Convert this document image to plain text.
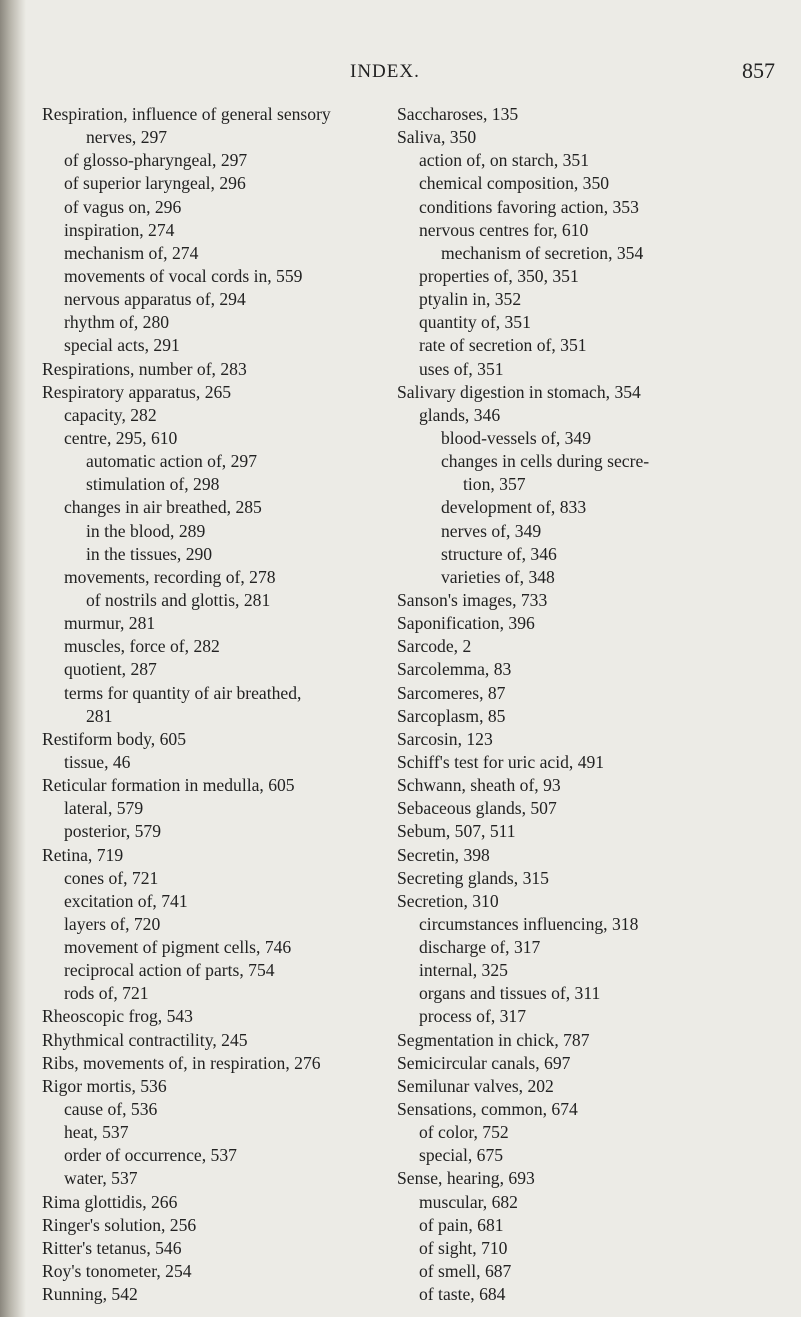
INDEX.	857
Respiration, influence of general sensory
nerves, 297
of glosso-pharyngeal, 297
of superior laryngeal, 296
of vagus on, 296
inspiration, 274
mechanism of, 274
movements of vocal cords in, 559
nervous apparatus of, 294
rhythm of, 280
special acts, 291
Respirations, number of, 283
Respiratory apparatus, 265
capacity, 282
centre, 295, 610
automatic action of, 297
stimulation of, 298
changes in air breathed, 285
in the blood, 289
in the tissues, 290
movements, recording of, 278
of nostrils and glottis, 281
murmur, 281
muscles, force of, 282
quotient, 287
terms for quantity of air breathed,
281
Restiform body, 605
tissue, 46
Reticular formation in medulla, 605
lateral, 579
posterior, 579
Retina, 719
cones of, 721
excitation of, 741
layers of, 720
movement of pigment cells, 746
reciprocal action of parts, 754
rods of, 721
Rheoscopic frog, 543
Rhythmical contractility, 245
Ribs, movements of, in respiration, 276
Rigor mortis, 536
cause of, 536
heat, 537
order of occurrence, 537
water, 537
Rima glottidis, 266
Ringer's solution, 256
Ritter's tetanus, 546
Roy's tonometer, 254
Running, 542
Saccharoses, 135
Saliva, 350
action of, on starch, 351
chemical composition, 350
conditions favoring action, 353
nervous centres for, 610
mechanism of secretion, 354
properties of, 350, 351
ptyalin in, 352
quantity of, 351
rate of secretion of, 351
uses of, 351
Salivary digestion in stomach, 354
glands, 346
blood-vessels of, 349
changes in cells during secre-
tion, 357
development of, 833
nerves of, 349
structure of, 346
varieties of, 348
Sanson's images, 733
Saponification, 396
Sarcode, 2
Sarcolemma, 83
Sarcomeres, 87
Sarcoplasm, 85
Sarcosin, 123
Schiff's test for uric acid, 491
Schwann, sheath of, 93
Sebaceous glands, 507
Sebum, 507, 511
Secretin, 398
Secreting glands, 315
Secretion, 310
circumstances influencing, 318
discharge of, 317
internal, 325
organs and tissues of, 311
process of, 317
Segmentation in chick, 787
Semicircular canals, 697
Semilunar valves, 202
Sensations, common, 674
of color, 752
special, 675
Sense, hearing, 693
muscular, 682
of pain, 681
of sight, 710
of smell, 687
of taste, 684
